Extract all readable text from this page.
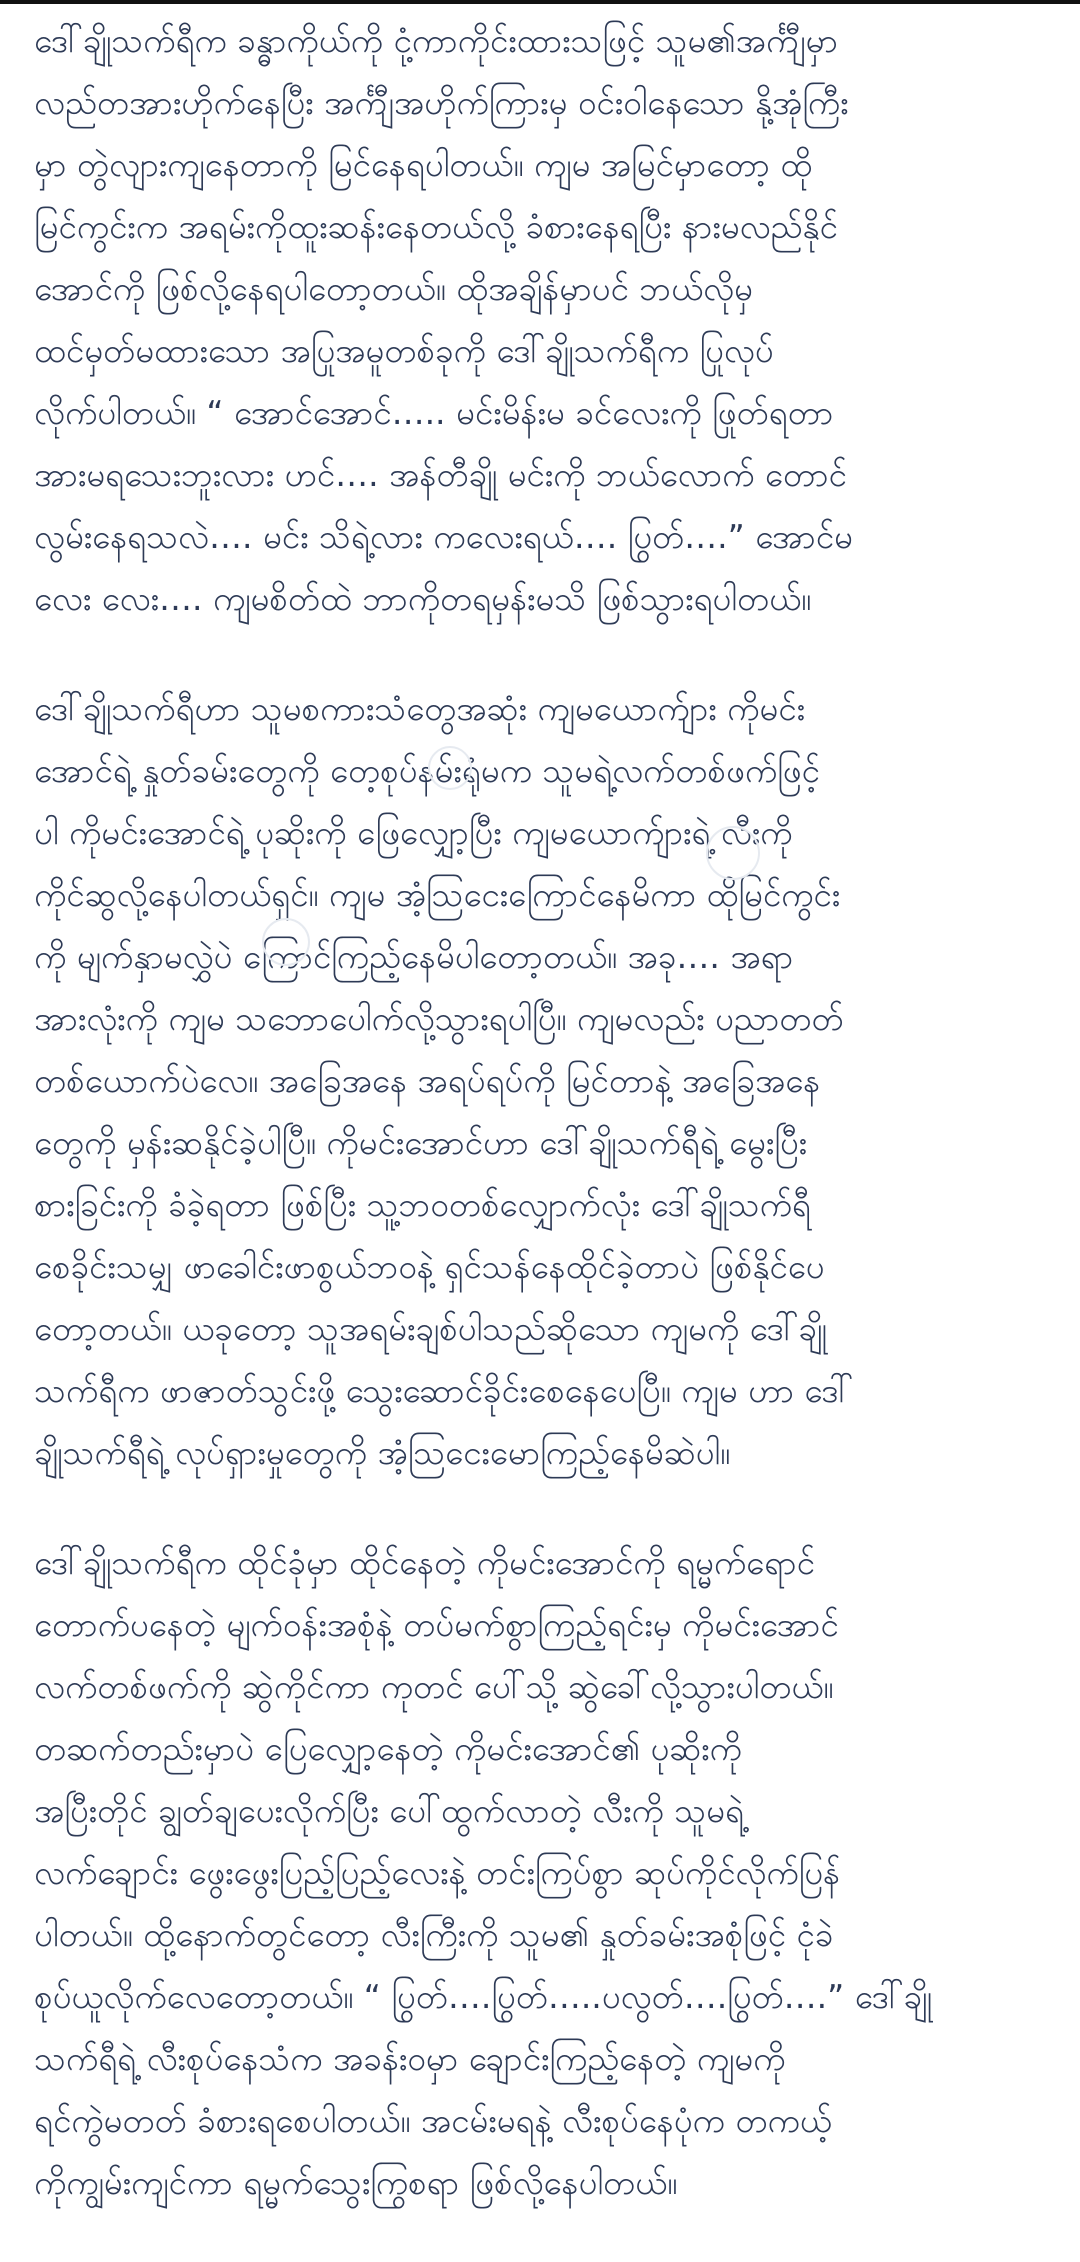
ဒေါ်ချိုသက်ရီက ခန္ဓာကိုယ်ကို ငုံ့ကာကိုင်းထားသဖြင့် သူမ၏အင်္ကျီမှာ
လည်တအားဟိုက်နေပြီး အင်္ကျီအဟိုက်ကြားမှ ဝင်းဝါနေသော နို့အုံကြီး
မှာ တွဲလျားကျနေတာကို မြင်နေရပါတယ်။ ကျမ အမြင်မှာတော့ ထို
မြင်ကွင်းက အရမ်းကိုထူးဆန်းနေတယ်လို့ ခံစားနေရပြီး နားမလည်နိုင်
အောင်ကို ဖြစ်လို့နေရပါတော့တယ်။ ထိုအချိန်မှာပင် ဘယ်လိုမှ
ထင်မှတ်မထားသော အပြုအမူတစ်ခုကို ဒေါ်ချိုသက်ရီက ပြုလုပ်
လိုက်ပါတယ်။ “ အောင်အောင်….. မင်းမိန်းမ ခင်လေးကို ဖြုတ်ရတာ
အားမရသေးဘူးလား ဟင်…. အန်တီချို မင်းကို ဘယ်လောက် တောင်
လွမ်းနေရသလဲ…. မင်း သိရဲ့လား ကလေးရယ်…. ပြွတ်….” အောင်မ
လေး လေး…. ကျမစိတ်ထဲ ဘာကိုတရမှန်းမသိ ဖြစ်သွားရပါတယ်။
ဒေါ်ချိုသက်ရီဟာ သူမစကားသံတွေအဆုံး ကျမယောက်ျား ကိုမင်း
အောင်ရဲ့ နှုတ်ခမ်းတွေကို တေ့စုပ်နမ်းရုံမက သူမရဲ့လက်တစ်ဖက်ဖြင့်
ပါ ကိုမင်းအောင်ရဲ့ ပုဆိုးကို ဖြေလျှော့ပြီး ကျမယောက်ျားရဲ့ လီးကို
ကိုင်ဆွလို့နေပါတယ်ရှင်။ ကျမ အံ့သြငေးကြောင်နေမိကာ ထိုမြင်ကွင်း
ကို မျက်နှာမလွှဲပဲ ကြောင်ကြည့်နေမိပါတော့တယ်။ အခု…. အရာ
အားလုံးကို ကျမ သဘောပေါက်လို့သွားရပါပြီ။ ကျမလည်း ပညာတတ်
တစ်ယောက်ပဲလေ။ အခြေအနေ အရပ်ရပ်ကို မြင်တာနဲ့ အခြေအနေ
တွေကို မှန်းဆနိုင်ခဲ့ပါပြီ။ ကိုမင်းအောင်ဟာ ဒေါ်ချိုသက်ရီရဲ့ မွေးပြီး
စားခြင်းကို ခံခဲ့ရတာ ဖြစ်ပြီး သူ့ဘဝတစ်လျှောက်လုံး ဒေါ်ချိုသက်ရီ
စေခိုင်းသမျှ ဖာခေါင်းဖာစွယ်ဘဝနဲ့ ရှင်သန်နေထိုင်ခဲ့တာပဲ ဖြစ်နိုင်ပေ
တော့တယ်။ ယခုတော့ သူအရမ်းချစ်ပါသည်ဆိုသော ကျမကို ဒေါ်ချို
သက်ရီက ဖာဇာတ်သွင်းဖို့ သွေးဆောင်ခိုင်းစေနေပေပြီ။ ကျမ ဟာ ဒေါ်
ချိုသက်ရီရဲ့ လုပ်ရှားမှုတွေကို အံ့သြငေးမောကြည့်နေမိဆဲပါ။
ဒေါ်ချိုသက်ရီက ထိုင်ခုံမှာ ထိုင်နေတဲ့ ကိုမင်းအောင်ကို ရမ္မက်ရောင်
တောက်ပနေတဲ့ မျက်ဝန်းအစုံနဲ့ တပ်မက်စွာကြည့်ရင်းမှ ကိုမင်းအောင်
လက်တစ်ဖက်ကို ဆွဲကိုင်ကာ ကုတင် ပေါ်သို့ ဆွဲခေါ်လို့သွားပါတယ်။
တဆက်တည်းမှာပဲ ပြေလျှော့နေတဲ့ ကိုမင်းအောင်၏ ပုဆိုးကို
အပြီးတိုင် ချွတ်ချပေးလိုက်ပြီး ပေါ်ထွက်လာတဲ့ လီးကို သူမရဲ့
လက်ချောင်း ဖွေးဖွေးပြည့်ပြည့်လေးနဲ့ တင်းကြပ်စွာ ဆုပ်ကိုင်လိုက်ပြန်
ပါတယ်။ ထို့နောက်တွင်တော့ လီးကြီးကို သူမ၏ နှုတ်ခမ်းအစုံဖြင့် ငုံခဲ
စုပ်ယူလိုက်လေတော့တယ်။ “ ပြွတ်….ပြွတ်…..ပလွတ်….ပြွတ်….” ဒေါ်ချို
သက်ရီရဲ့ လီးစုပ်နေသံက အခန်းဝမှာ ချောင်းကြည့်နေတဲ့ ကျမကို
ရင်ကွဲမတတ် ခံစားရစေပါတယ်။ အငမ်းမရနဲ့ လီးစုပ်နေပုံက တကယ့်
ကိုကျွမ်းကျင်ကာ ရမ္မက်သွေးကြွစရာ ဖြစ်လို့နေပါတယ်။
